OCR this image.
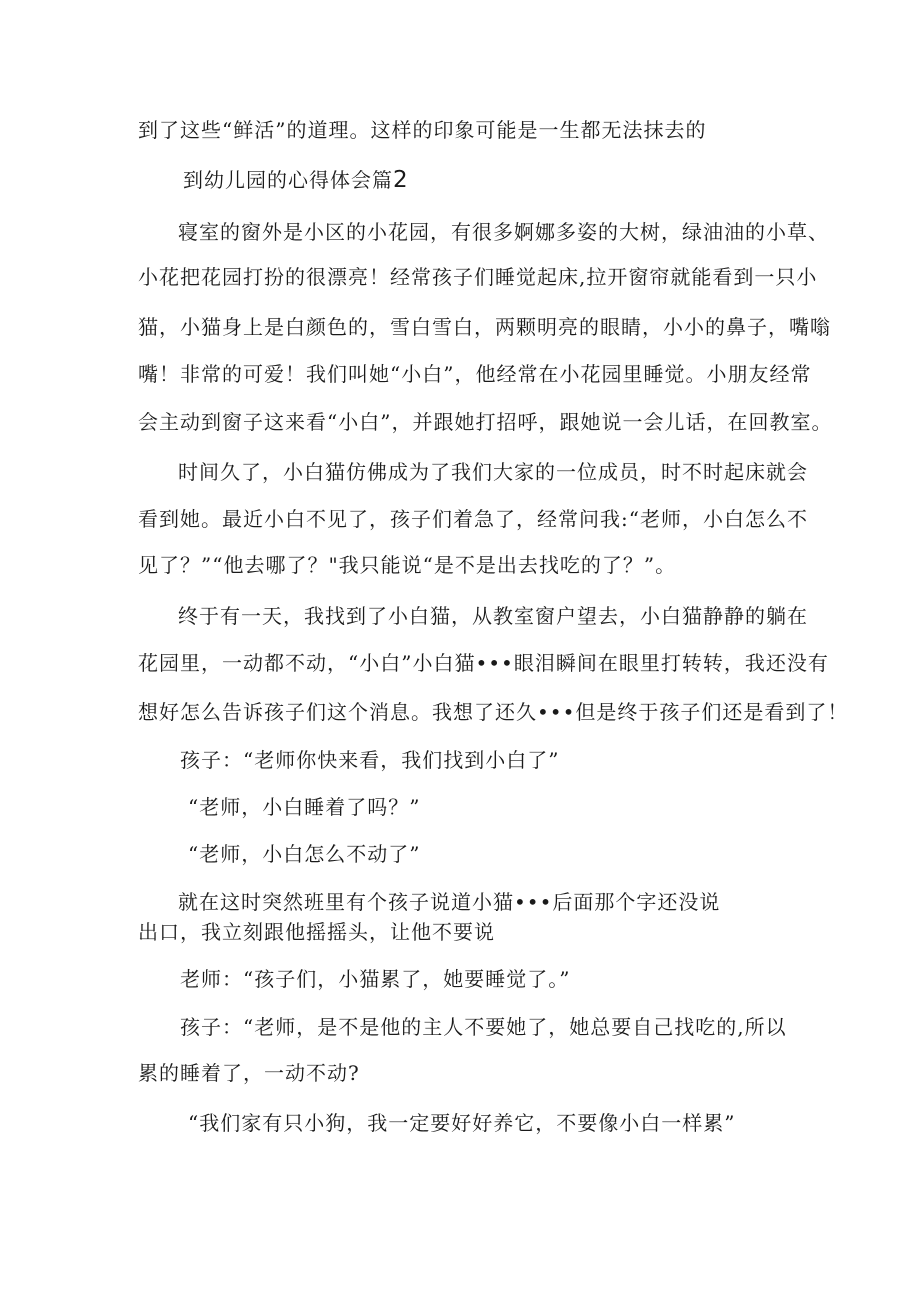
到了这些“鲜活”的道理。这样的印象可能是一生都无法抹去的
到幼儿园的心得体会篇2
寝室的窗外是小区的小花园，有很多婀娜多姿的大树，绿油油的小草、
小花把花园打扮的很漂亮！经常孩子们睡觉起床,拉开窗帘就能看到一只小
猫，小猫身上是白颜色的，雪白雪白，两颗明亮的眼睛，小小的鼻子，嘴嗡
嘴！非常的可爱！我们叫她“小白”，他经常在小花园里睡觉。小朋友经常
会主动到窗子这来看“小白”，并跟她打招呼，跟她说一会儿话，在回教室。
时间久了，小白猫仿佛成为了我们大家的一位成员，时不时起床就会
看到她。最近小白不见了，孩子们着急了，经常问我:“老师，小白怎么不
见了？”“他去哪了？"我只能说“是不是出去找吃的了？”。
终于有一天，我找到了小白猫，从教室窗户望去，小白猫静静的躺在
花园里，一动都不动，“小白”小白猫•••眼泪瞬间在眼里打转转，我还没有
想好怎么告诉孩子们这个消息。我想了还久•••但是终于孩子们还是看到了！
孩子：“老师你快来看，我们找到小白了”
“老师，小白睡着了吗？”
“老师，小白怎么不动了”
就在这时突然班里有个孩子说道小猫•••后面那个字还没说
出口，我立刻跟他摇摇头，让他不要说
老师：“孩子们，小猫累了，她要睡觉了。”
孩子：“老师，是不是他的主人不要她了，她总要自己找吃的,所以
累的睡着了，一动不动?
“我们家有只小狗，我一定要好好养它，不要像小白一样累”
